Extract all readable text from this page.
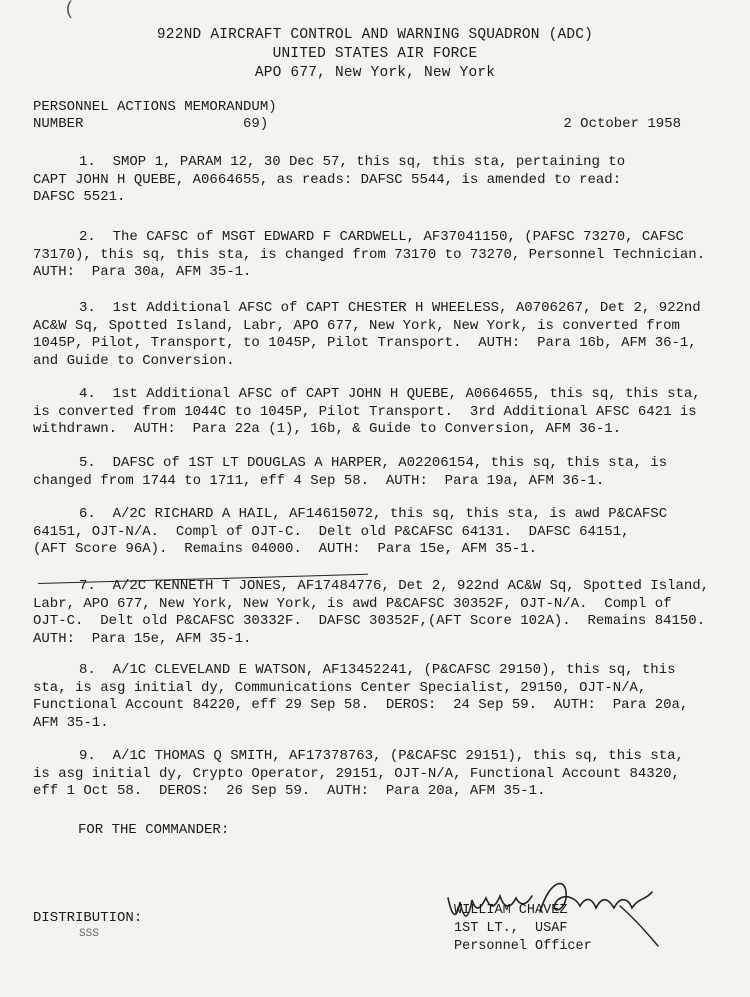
(
922ND AIRCRAFT CONTROL AND WARNING SQUADRON (ADC)
UNITED STATES AIR FORCE
APO 677, New York, New York
PERSONNEL ACTIONS MEMORANDUM)
NUMBER                   69)	2 October 1958
1.  SMOP 1, PARAM 12, 30 Dec 57, this sq, this sta, pertaining to
CAPT JOHN H QUEBE, A0664655, as reads: DAFSC 5544, is amended to read:
DAFSC 5521.
2.  The CAFSC of MSGT EDWARD F CARDWELL, AF37041150, (PAFSC 73270, CAFSC
73170), this sq, this sta, is changed from 73170 to 73270, Personnel Technician.
AUTH:  Para 30a, AFM 35-1.
3.  1st Additional AFSC of CAPT CHESTER H WHEELESS, A0706267, Det 2, 922nd
AC&W Sq, Spotted Island, Labr, APO 677, New York, New York, is converted from
1045P, Pilot, Transport, to 1045P, Pilot Transport.  AUTH:  Para 16b, AFM 36-1,
and Guide to Conversion.
4.  1st Additional AFSC of CAPT JOHN H QUEBE, A0664655, this sq, this sta,
is converted from 1044C to 1045P, Pilot Transport.  3rd Additional AFSC 6421 is
withdrawn.  AUTH:  Para 22a (1), 16b, & Guide to Conversion, AFM 36-1.
5.  DAFSC of 1ST LT DOUGLAS A HARPER, A02206154, this sq, this sta, is
changed from 1744 to 1711, eff 4 Sep 58.  AUTH:  Para 19a, AFM 36-1.
6.  A/2C RICHARD A HAIL, AF14615072, this sq, this sta, is awd P&CAFSC
64151, OJT-N/A.  Compl of OJT-C.  Delt old P&CAFSC 64131.  DAFSC 64151,
(AFT Score 96A).  Remains 04000.  AUTH:  Para 15e, AFM 35-1.
7.  A/2C KENNETH T JONES, AF17484776, Det 2, 922nd AC&W Sq, Spotted Island,
Labr, APO 677, New York, New York, is awd P&CAFSC 30352F, OJT-N/A.  Compl of
OJT-C.  Delt old P&CAFSC 30332F.  DAFSC 30352F,(AFT Score 102A).  Remains 84150.
AUTH:  Para 15e, AFM 35-1.
8.  A/1C CLEVELAND E WATSON, AF13452241, (P&CAFSC 29150), this sq, this
sta, is asg initial dy, Communications Center Specialist, 29150, OJT-N/A,
Functional Account 84220, eff 29 Sep 58.  DEROS:  24 Sep 59.  AUTH:  Para 20a,
AFM 35-1.
9.  A/1C THOMAS Q SMITH, AF17378763, (P&CAFSC 29151), this sq, this sta,
is asg initial dy, Crypto Operator, 29151, OJT-N/A, Functional Account 84320,
eff 1 Oct 58.  DEROS:  26 Sep 59.  AUTH:  Para 20a, AFM 35-1.
FOR THE COMMANDER:
DISTRIBUTION:
SSS
WILLIAM CHAVEZ
1ST LT.,  USAF
Personnel Officer
